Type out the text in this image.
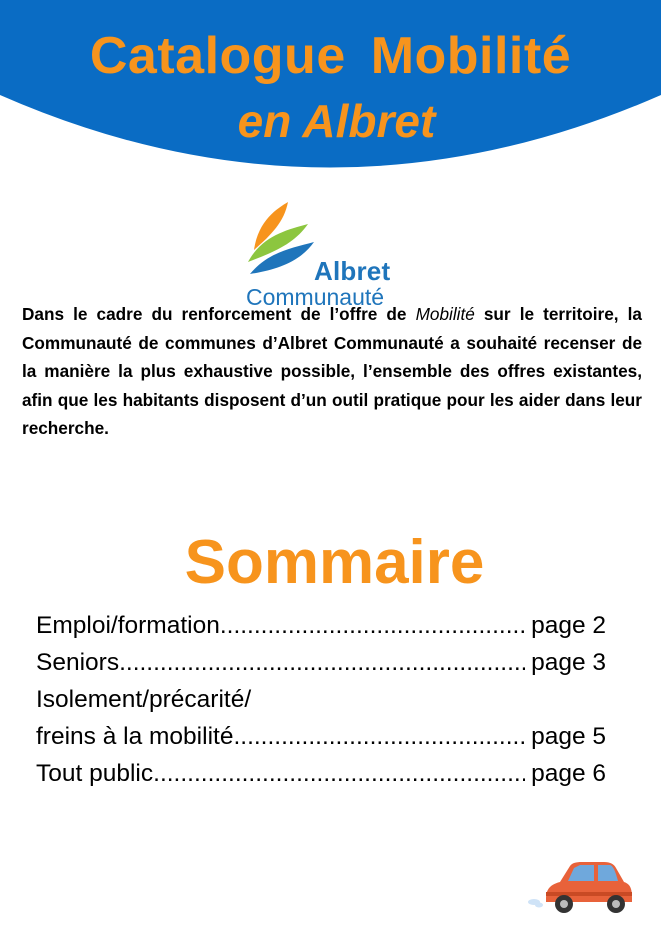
Catalogue Mobilité
en Albret
Albret
Communauté

Dans le cadre du renforcement de l’offre de Mobilité sur le territoire, la Communauté de communes d’Albret Communauté a souhaité recenser de la manière la plus exhaustive possible, l’ensemble des offres existantes, afin que les habitants disposent d’un outil pratique pour les aider dans leur recherche.

Sommaire
Emploi/formation .....	page 2
Seniors .....	page 3
Isolement/précarité/
freins à la mobilité .....	page 5
Tout public .....	page 6
